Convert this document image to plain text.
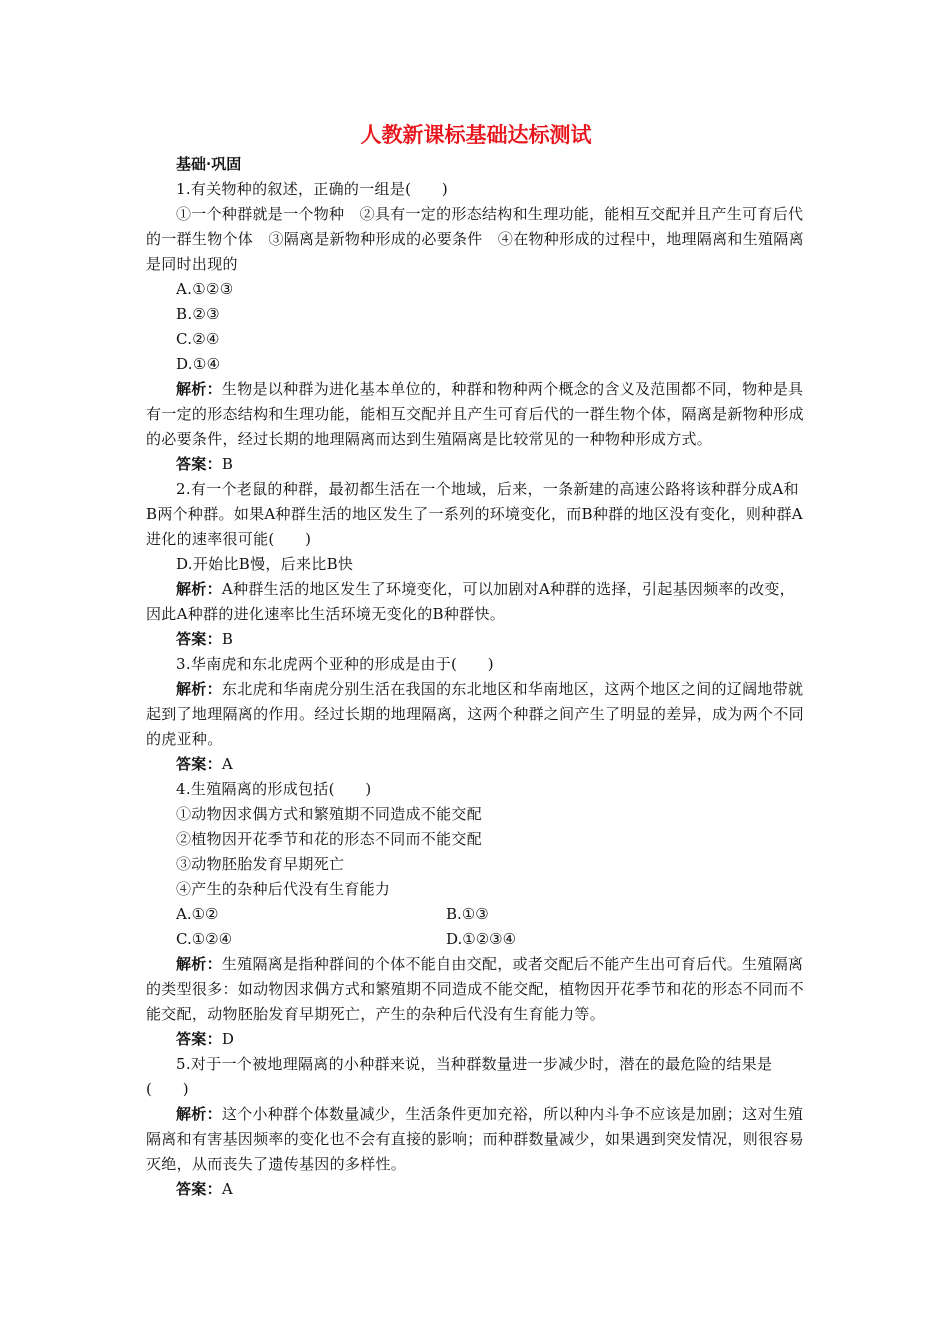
人教新课标基础达标测试

基础·巩固

1.有关物种的叙述，正确的一组是(　　)

①一个种群就是一个物种　②具有一定的形态结构和生理功能，能相互交配并且产生可育后代的一群生物个体　③隔离是新物种形成的必要条件　④在物种形成的过程中，地理隔离和生殖隔离是同时出现的

A.①②③

B.②③

C.②④

D.①④

解析：生物是以种群为进化基本单位的，种群和物种两个概念的含义及范围都不同，物种是具有一定的形态结构和生理功能，能相互交配并且产生可育后代的一群生物个体，隔离是新物种形成的必要条件，经过长期的地理隔离而达到生殖隔离是比较常见的一种物种形成方式。

答案：B

2.有一个老鼠的种群，最初都生活在一个地域，后来，一条新建的高速公路将该种群分成A和B两个种群。如果A种群生活的地区发生了一系列的环境变化，而B种群的地区没有变化，则种群A进化的速率很可能(　　)

D.开始比B慢，后来比B快

解析：A种群生活的地区发生了环境变化，可以加剧对A种群的选择，引起基因频率的改变，因此A种群的进化速率比生活环境无变化的B种群快。

答案：B

3.华南虎和东北虎两个亚种的形成是由于(　　)

解析：东北虎和华南虎分别生活在我国的东北地区和华南地区，这两个地区之间的辽阔地带就起到了地理隔离的作用。经过长期的地理隔离，这两个种群之间产生了明显的差异，成为两个不同的虎亚种。

答案：A

4.生殖隔离的形成包括(　　)

①动物因求偶方式和繁殖期不同造成不能交配

②植物因开花季节和花的形态不同而不能交配

③动物胚胎发育早期死亡

④产生的杂种后代没有生育能力

A.①②	B.①③
C.①②④	D.①②③④

解析：生殖隔离是指种群间的个体不能自由交配，或者交配后不能产生出可育后代。生殖隔离的类型很多：如动物因求偶方式和繁殖期不同造成不能交配，植物因开花季节和花的形态不同而不能交配，动物胚胎发育早期死亡，产生的杂种后代没有生育能力等。

答案：D

5.对于一个被地理隔离的小种群来说，当种群数量进一步减少时，潜在的最危险的结果是(　　)

解析：这个小种群个体数量减少，生活条件更加充裕，所以种内斗争不应该是加剧；这对生殖隔离和有害基因频率的变化也不会有直接的影响；而种群数量减少，如果遇到突发情况，则很容易灭绝，从而丧失了遗传基因的多样性。

答案：A
